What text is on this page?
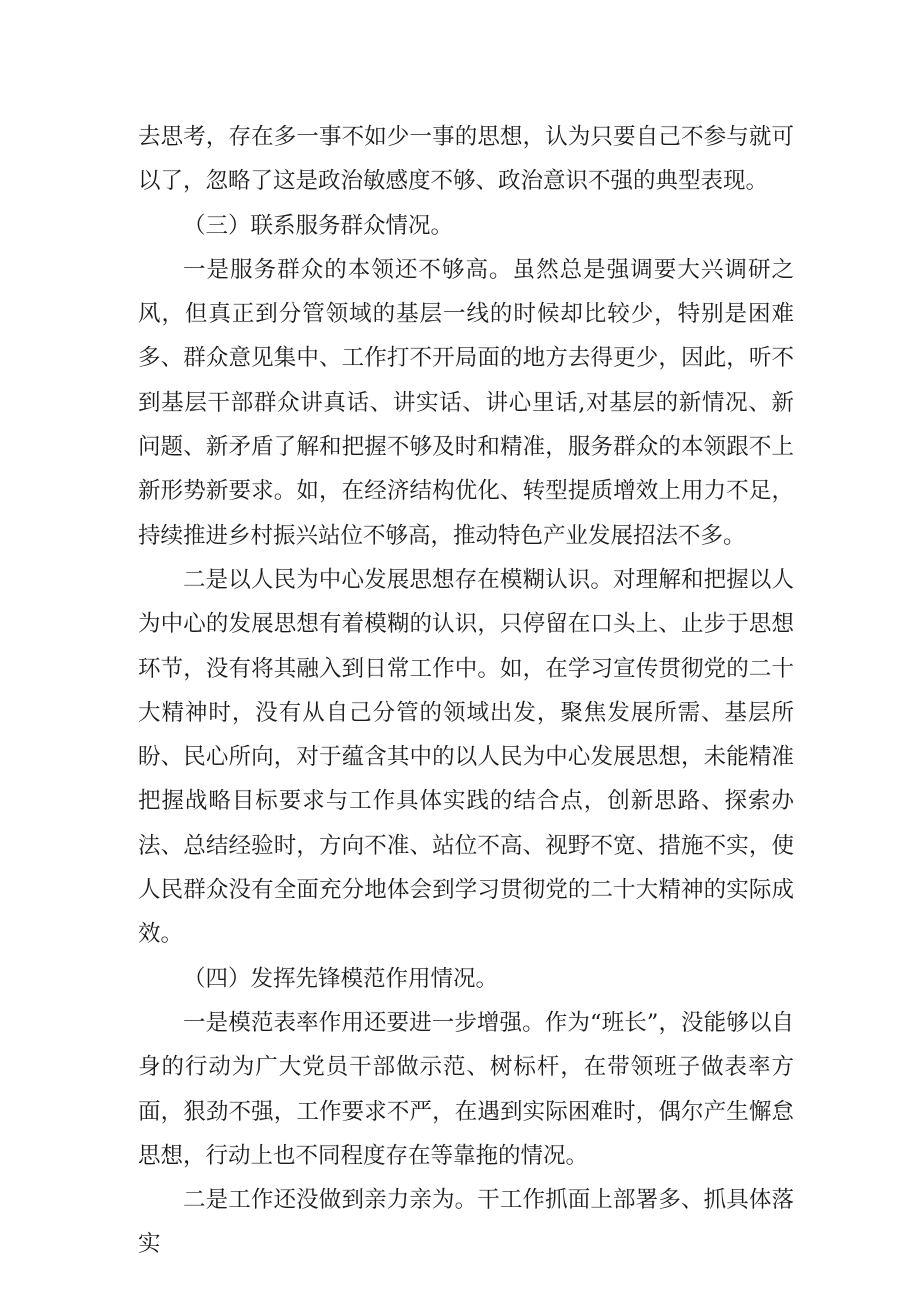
去思考，存在多一事不如少一事的思想，认为只要自己不参与就可以了，忽略了这是政治敏感度不够、政治意识不强的典型表现。

（三）联系服务群众情况。

一是服务群众的本领还不够高。虽然总是强调要大兴调研之风，但真正到分管领域的基层一线的时候却比较少，特别是困难多、群众意见集中、工作打不开局面的地方去得更少，因此，听不到基层干部群众讲真话、讲实话、讲心里话,对基层的新情况、新问题、新矛盾了解和把握不够及时和精准，服务群众的本领跟不上新形势新要求。如，在经济结构优化、转型提质增效上用力不足，持续推进乡村振兴站位不够高，推动特色产业发展招法不多。

二是以人民为中心发展思想存在模糊认识。对理解和把握以人为中心的发展思想有着模糊的认识，只停留在口头上、止步于思想环节，没有将其融入到日常工作中。如，在学习宣传贯彻党的二十大精神时，没有从自己分管的领域出发，聚焦发展所需、基层所盼、民心所向，对于蕴含其中的以人民为中心发展思想，未能精准把握战略目标要求与工作具体实践的结合点，创新思路、探索办法、总结经验时，方向不准、站位不高、视野不宽、措施不实，使人民群众没有全面充分地体会到学习贯彻党的二十大精神的实际成效。

（四）发挥先锋模范作用情况。

一是模范表率作用还要进一步增强。作为“班长”，没能够以自身的行动为广大党员干部做示范、树标杆，在带领班子做表率方面，狠劲不强，工作要求不严，在遇到实际困难时，偶尔产生懈怠思想，行动上也不同程度存在等靠拖的情况。

二是工作还没做到亲力亲为。干工作抓面上部署多、抓具体落实
